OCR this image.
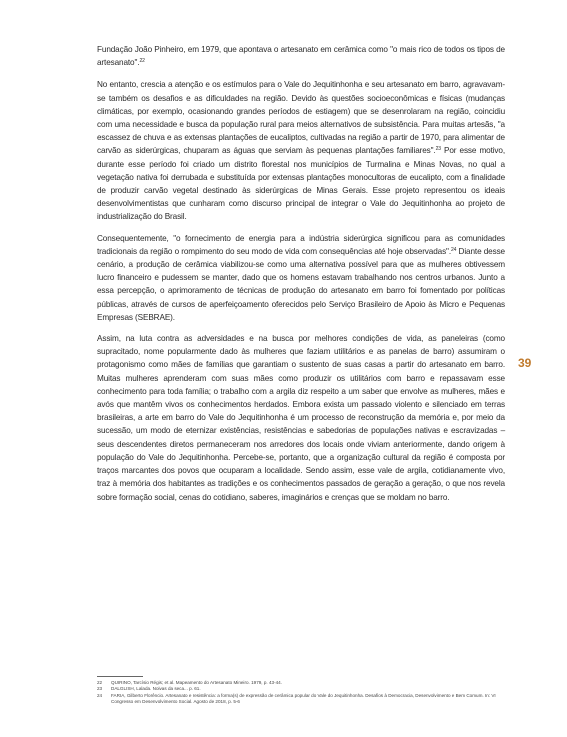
Fundação João Pinheiro, em 1979, que apontava o artesanato em cerâmica como "o mais rico de todos os tipos de artesanato".$^{22}$

No entanto, crescia a atenção e os estímulos para o Vale do Jequitinhonha e seu artesanato em barro, agravavam-se também os desafios e as dificuldades na região. Devido às questões socioeconômicas e físicas (mudanças climáticas, por exemplo, ocasionando grandes períodos de estiagem) que se desenrolaram na região, coincidiu com uma necessidade e busca da população rural para meios alternativos de subsistência. Para muitas artesãs, "a escassez de chuva e as extensas plantações de eucaliptos, cultivadas na região a partir de 1970, para alimentar de carvão as siderúrgicas, chuparam as águas que serviam às pequenas plantações familiares".$^{23}$ Por esse motivo, durante esse período foi criado um distrito florestal nos municípios de Turmalina e Minas Novas, no qual a vegetação nativa foi derrubada e substituída por extensas plantações monocultoras de eucalipto, com a finalidade de produzir carvão vegetal destinado às siderúrgicas de Minas Gerais. Esse projeto representou os ideais desenvolvimentistas que cunharam como discurso principal de integrar o Vale do Jequitinhonha ao projeto de industrialização do Brasil.

Consequentemente, "o fornecimento de energia para a indústria siderúrgica significou para as comunidades tradicionais da região o rompimento do seu modo de vida com consequências até hoje observadas".$^{24}$ Diante desse cenário, a produção de cerâmica viabilizou-se como uma alternativa possível para que as mulheres obtivessem lucro financeiro e pudessem se manter, dado que os homens estavam trabalhando nos centros urbanos. Junto a essa percepção, o aprimoramento de técnicas de produção do artesanato em barro foi fomentado por políticas públicas, através de cursos de aperfeiçoamento oferecidos pelo Serviço Brasileiro de Apoio às Micro e Pequenas Empresas (SEBRAE).

Assim, na luta contra as adversidades e na busca por melhores condições de vida, as paneleiras (como supracitado, nome popularmente dado às mulheres que faziam utilitários e as panelas de barro) assumiram o protagonismo como mães de famílias que garantiam o sustento de suas casas a partir do artesanato em barro. Muitas mulheres aprenderam com suas mães como produzir os utilitários com barro e repassavam esse conhecimento para toda família; o trabalho com a argila diz respeito a um saber que envolve as mulheres, mães e avós que mantêm vivos os conhecimentos herdados. Embora exista um passado violento e silenciado em terras brasileiras, a arte em barro do Vale do Jequitinhonha é um processo de reconstrução da memória e, por meio da sucessão, um modo de eternizar existências, resistências e sabedorias de populações nativas e escravizadas – seus descendentes diretos permaneceram nos arredores dos locais onde viviam anteriormente, dando origem à população do Vale do Jequitinhonha. Percebe-se, portanto, que a organização cultural da região é composta por traços marcantes dos povos que ocuparam a localidade. Sendo assim, esse vale de argila, cotidianamente vivo, traz à memória dos habitantes as tradições e os conhecimentos passados de geração a geração, o que nos revela sobre formação social, cenas do cotidiano, saberes, imaginários e crenças que se moldam no barro.

39
22	QUIRINO, Tarcísio Régis; et al. Mapeamento do Artesanato Mineiro. 1979, p. 43-44.
23	DALGLISH, Lalada. Noivas da seca... p. 61.
24	FARIA, Gilberto Florêncio. Artesanato e resistência: a forma(s) de expressão de cerâmica popular do Vale do Jequitinhonha. Desafios à Democracia, Desenvolvimento e Bem Comum. In: VI Congresso em Desenvolvimento Social. Agosto de 2018, p. 5-6
